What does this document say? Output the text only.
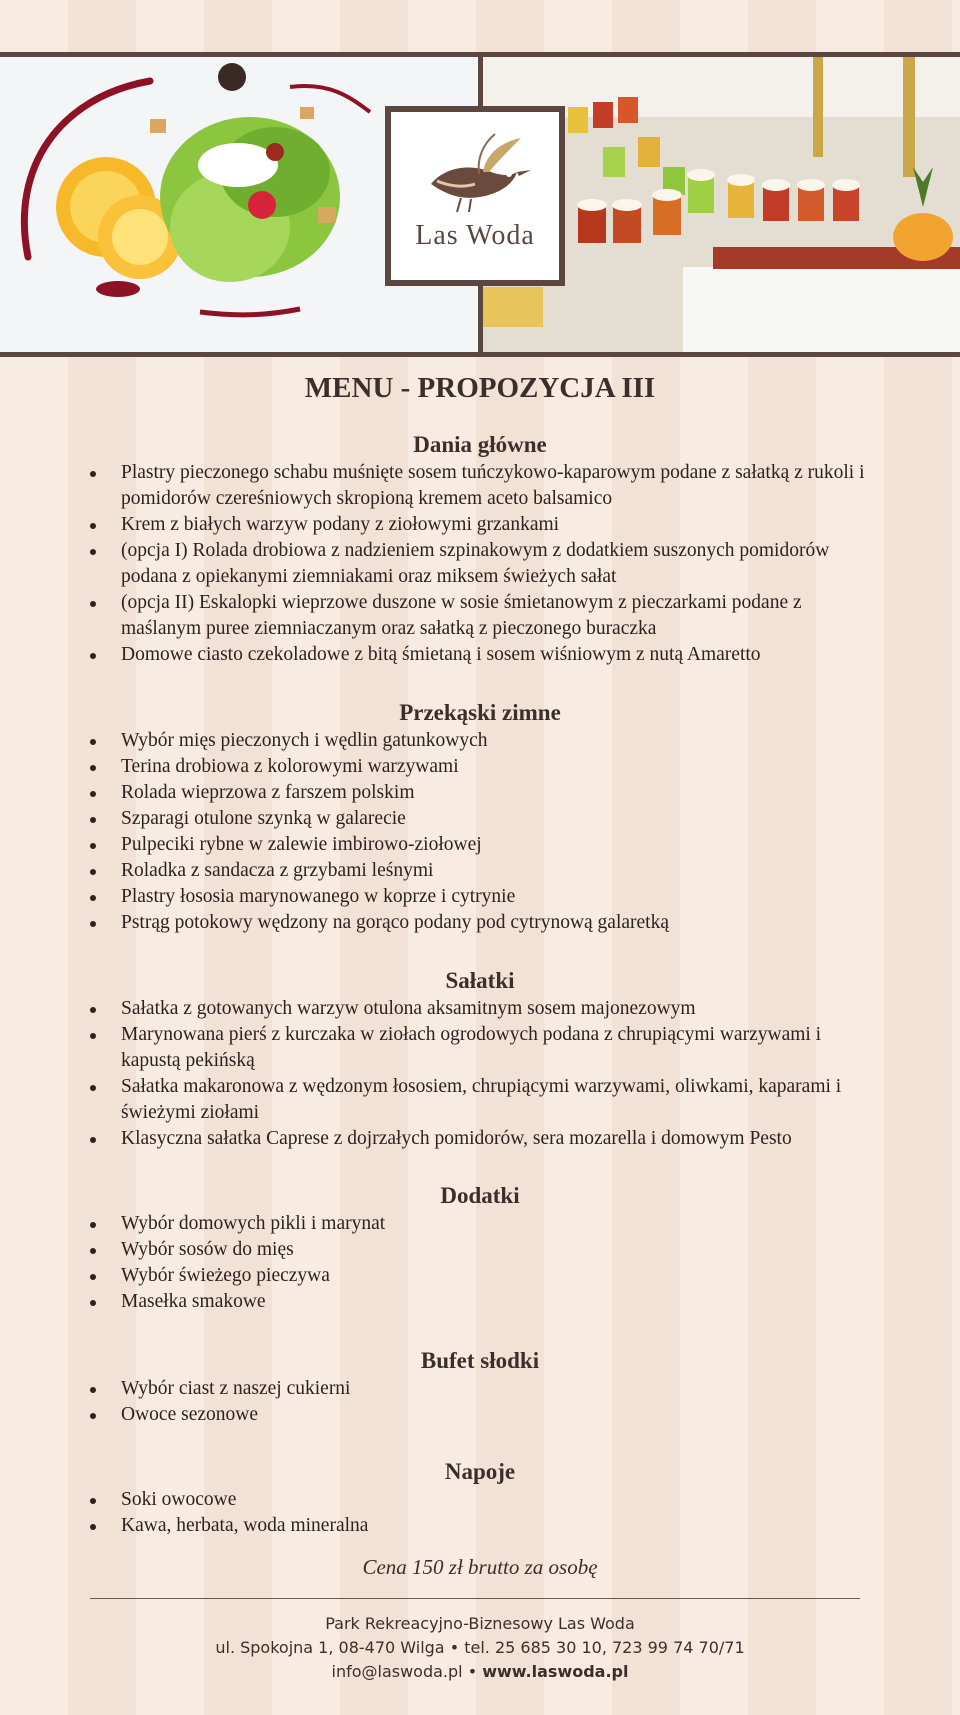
Las Woda
MENU - PROPOZYCJA III
Dania główne
Plastry pieczonego schabu muśnięte sosem tuńczykowo-kaparowym podane z sałatką z rukoli i pomidorów czereśniowych skropioną kremem aceto balsamico
Krem z białych warzyw podany z ziołowymi grzankami
(opcja I) Rolada drobiowa z nadzieniem szpinakowym z dodatkiem suszonych pomidorów podana z opiekanymi ziemniakami oraz miksem świeżych sałat
(opcja II) Eskalopki wieprzowe duszone w sosie śmietanowym z pieczarkami podane z maślanym puree ziemniaczanym oraz sałatką z pieczonego buraczka
Domowe ciasto czekoladowe z bitą śmietaną i sosem wiśniowym z nutą Amaretto
Przekąski zimne
Wybór mięs pieczonych i wędlin gatunkowych
Terina drobiowa z kolorowymi warzywami
Rolada wieprzowa z farszem polskim
Szparagi otulone szynką w galarecie
Pulpeciki rybne w zalewie imbirowo-ziołowej
Roladka z sandacza z grzybami leśnymi
Plastry łososia marynowanego w koprze i cytrynie
Pstrąg potokowy wędzony na gorąco podany pod cytrynową galaretką
Sałatki
Sałatka z gotowanych warzyw otulona aksamitnym sosem majonezowym
Marynowana pierś z kurczaka w ziołach ogrodowych podana z chrupiącymi warzywami i kapustą pekińską
Sałatka makaronowa z wędzonym łososiem, chrupiącymi warzywami, oliwkami, kaparami i świeżymi ziołami
Klasyczna sałatka Caprese z dojrzałych pomidorów, sera mozarella i domowym Pesto
Dodatki
Wybór domowych pikli i marynat
Wybór sosów do mięs
Wybór świeżego pieczywa
Masełka smakowe
Bufet słodki
Wybór ciast z naszej cukierni
Owoce sezonowe
Napoje
Soki owocowe
Kawa, herbata, woda mineralna

Cena 150 zł brutto za osobę

Park Rekreacyjno-Biznesowy Las Woda
ul. Spokojna 1, 08-470 Wilga • tel. 25 685 30 10, 723 99 74 70/71
info@laswoda.pl • www.laswoda.pl
